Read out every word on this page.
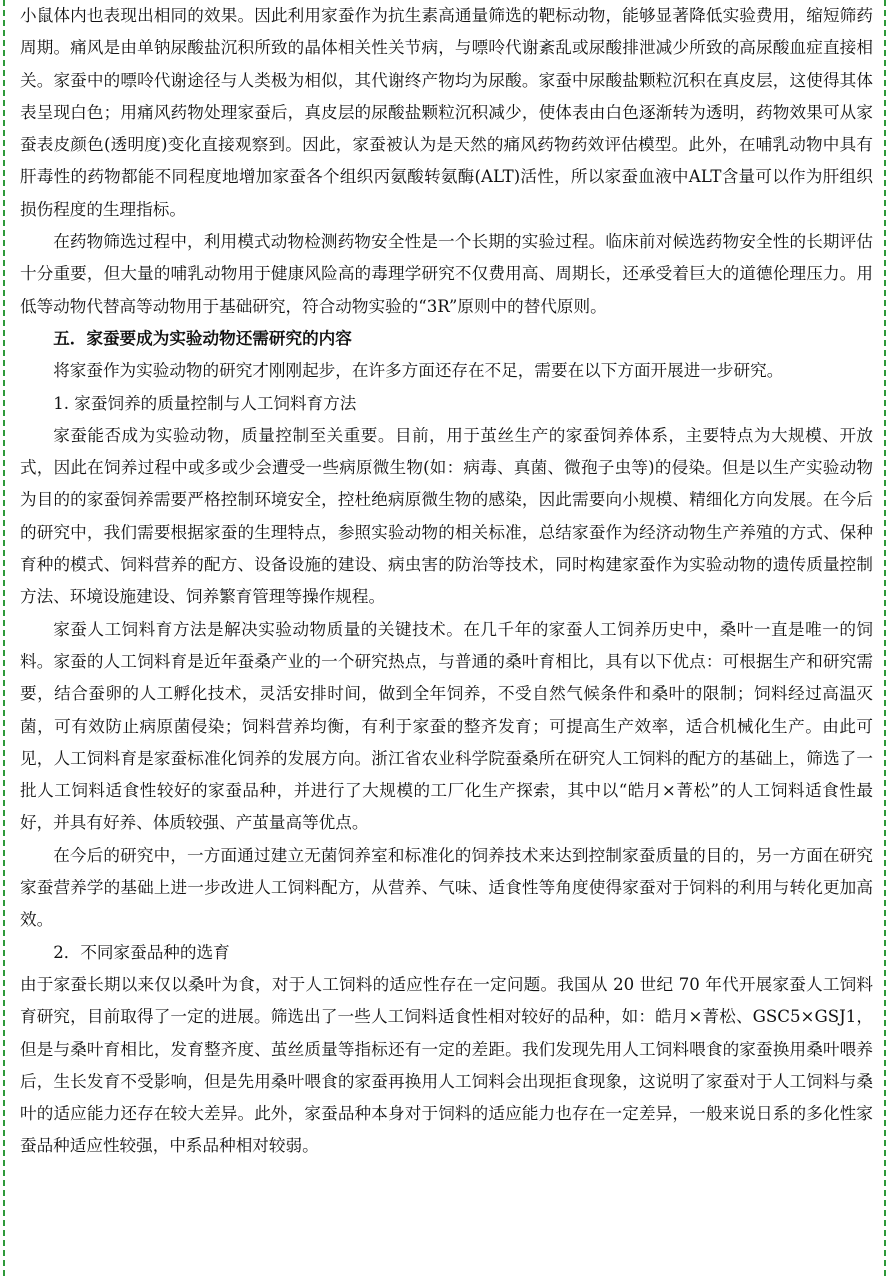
小鼠体内也表现出相同的效果。因此利用家蚕作为抗生素高通量筛选的靶标动物，能够显著降低实验费用，缩短筛药周期。痛风是由单钠尿酸盐沉积所致的晶体相关性关节病，与嘌呤代谢紊乱或尿酸排泄减少所致的高尿酸血症直接相关。家蚕中的嘌呤代谢途径与人类极为相似，其代谢终产物均为尿酸。家蚕中尿酸盐颗粒沉积在真皮层，这使得其体表呈现白色；用痛风药物处理家蚕后，真皮层的尿酸盐颗粒沉积减少，使体表由白色逐渐转为透明，药物效果可从家蚕表皮颜色(透明度)变化直接观察到。因此，家蚕被认为是天然的痛风药物药效评估模型。此外，在哺乳动物中具有肝毒性的药物都能不同程度地增加家蚕各个组织丙氨酸转氨酶(ALT)活性，所以家蚕血液中ALT含量可以作为肝组织损伤程度的生理指标。

在药物筛选过程中，利用模式动物检测药物安全性是一个长期的实验过程。临床前对候选药物安全性的长期评估十分重要，但大量的哺乳动物用于健康风险高的毒理学研究不仅费用高、周期长，还承受着巨大的道德伦理压力。用低等动物代替高等动物用于基础研究，符合动物实验的“3R”原则中的替代原则。

五．家蚕要成为实验动物还需研究的内容

将家蚕作为实验动物的研究才刚刚起步，在许多方面还存在不足，需要在以下方面开展进一步研究。

1. 家蚕饲养的质量控制与人工饲料育方法

家蚕能否成为实验动物，质量控制至关重要。目前，用于茧丝生产的家蚕饲养体系，主要特点为大规模、开放式，因此在饲养过程中或多或少会遭受一些病原微生物(如：病毒、真菌、微孢子虫等)的侵染。但是以生产实验动物为目的的家蚕饲养需要严格控制环境安全，控杜绝病原微生物的感染，因此需要向小规模、精细化方向发展。在今后的研究中，我们需要根据家蚕的生理特点，参照实验动物的相关标准，总结家蚕作为经济动物生产养殖的方式、保种育种的模式、饲料营养的配方、设备设施的建设、病虫害的防治等技术，同时构建家蚕作为实验动物的遗传质量控制方法、环境设施建设、饲养繁育管理等操作规程。

家蚕人工饲料育方法是解决实验动物质量的关键技术。在几千年的家蚕人工饲养历史中，桑叶一直是唯一的饲料。家蚕的人工饲料育是近年蚕桑产业的一个研究热点，与普通的桑叶育相比，具有以下优点：可根据生产和研究需要，结合蚕卵的人工孵化技术，灵活安排时间，做到全年饲养，不受自然气候条件和桑叶的限制；饲料经过高温灭菌，可有效防止病原菌侵染；饲料营养均衡，有利于家蚕的整齐发育；可提高生产效率，适合机械化生产。由此可见，人工饲料育是家蚕标准化饲养的发展方向。浙江省农业科学院蚕桑所在研究人工饲料的配方的基础上，筛选了一批人工饲料适食性较好的家蚕品种，并进行了大规模的工厂化生产探索，其中以“皓月×菁松”的人工饲料适食性最好，并具有好养、体质较强、产茧量高等优点。

在今后的研究中，一方面通过建立无菌饲养室和标准化的饲养技术来达到控制家蚕质量的目的，另一方面在研究家蚕营养学的基础上进一步改进人工饲料配方，从营养、气味、适食性等角度使得家蚕对于饲料的利用与转化更加高效。

2．不同家蚕品种的选育

由于家蚕长期以来仅以桑叶为食，对于人工饲料的适应性存在一定问题。我国从 20 世纪 70 年代开展家蚕人工饲料育研究，目前取得了一定的进展。筛选出了一些人工饲料适食性相对较好的品种，如：皓月×菁松、GSC5×GSJ1，但是与桑叶育相比，发育整齐度、茧丝质量等指标还有一定的差距。我们发现先用人工饲料喂食的家蚕换用桑叶喂养后，生长发育不受影响，但是先用桑叶喂食的家蚕再换用人工饲料会出现拒食现象，这说明了家蚕对于人工饲料与桑叶的适应能力还存在较大差异。此外，家蚕品种本身对于饲料的适应能力也存在一定差异，一般来说日系的多化性家蚕品种适应性较强，中系品种相对较弱。
